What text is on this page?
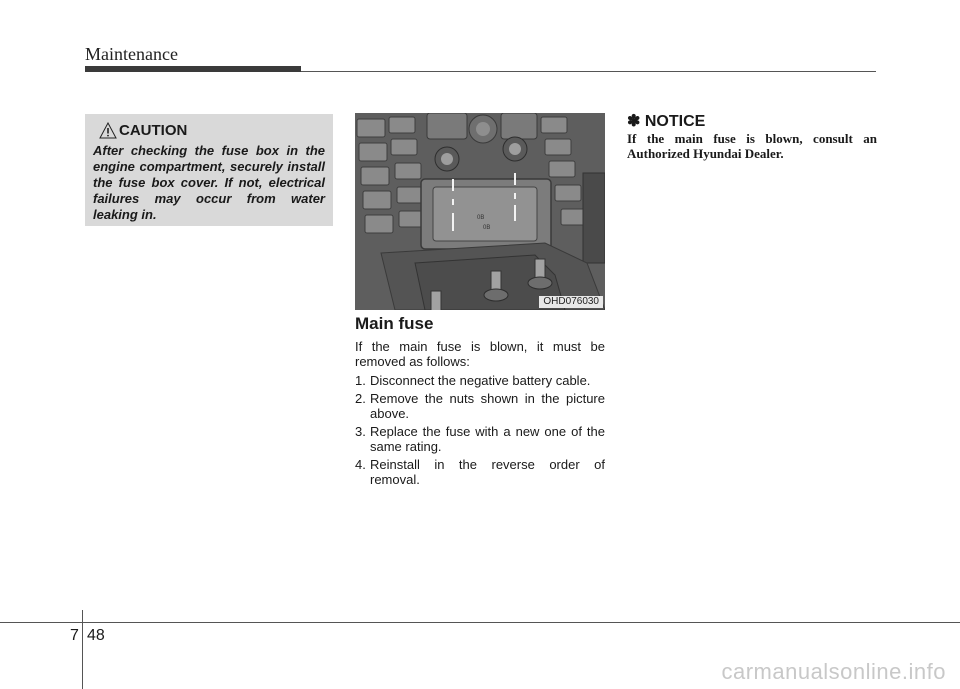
Maintenance
CAUTION
After checking the fuse box in the engine compartment, securely install the fuse box cover. If not, electrical failures may occur from water leaking in.	0B
0B
OHD076030
Main fuse

If the main fuse is blown, it must be removed as follows:

1. Disconnect the negative battery cable.
2. Remove the nuts shown in the picture above.
3. Replace the fuse with a new one of the same rating.
4. Reinstall in the reverse order of removal.
✽ NOTICE
If the main fuse is blown, consult an Authorized Hyundai Dealer.
7 48
carmanualsonline.info
